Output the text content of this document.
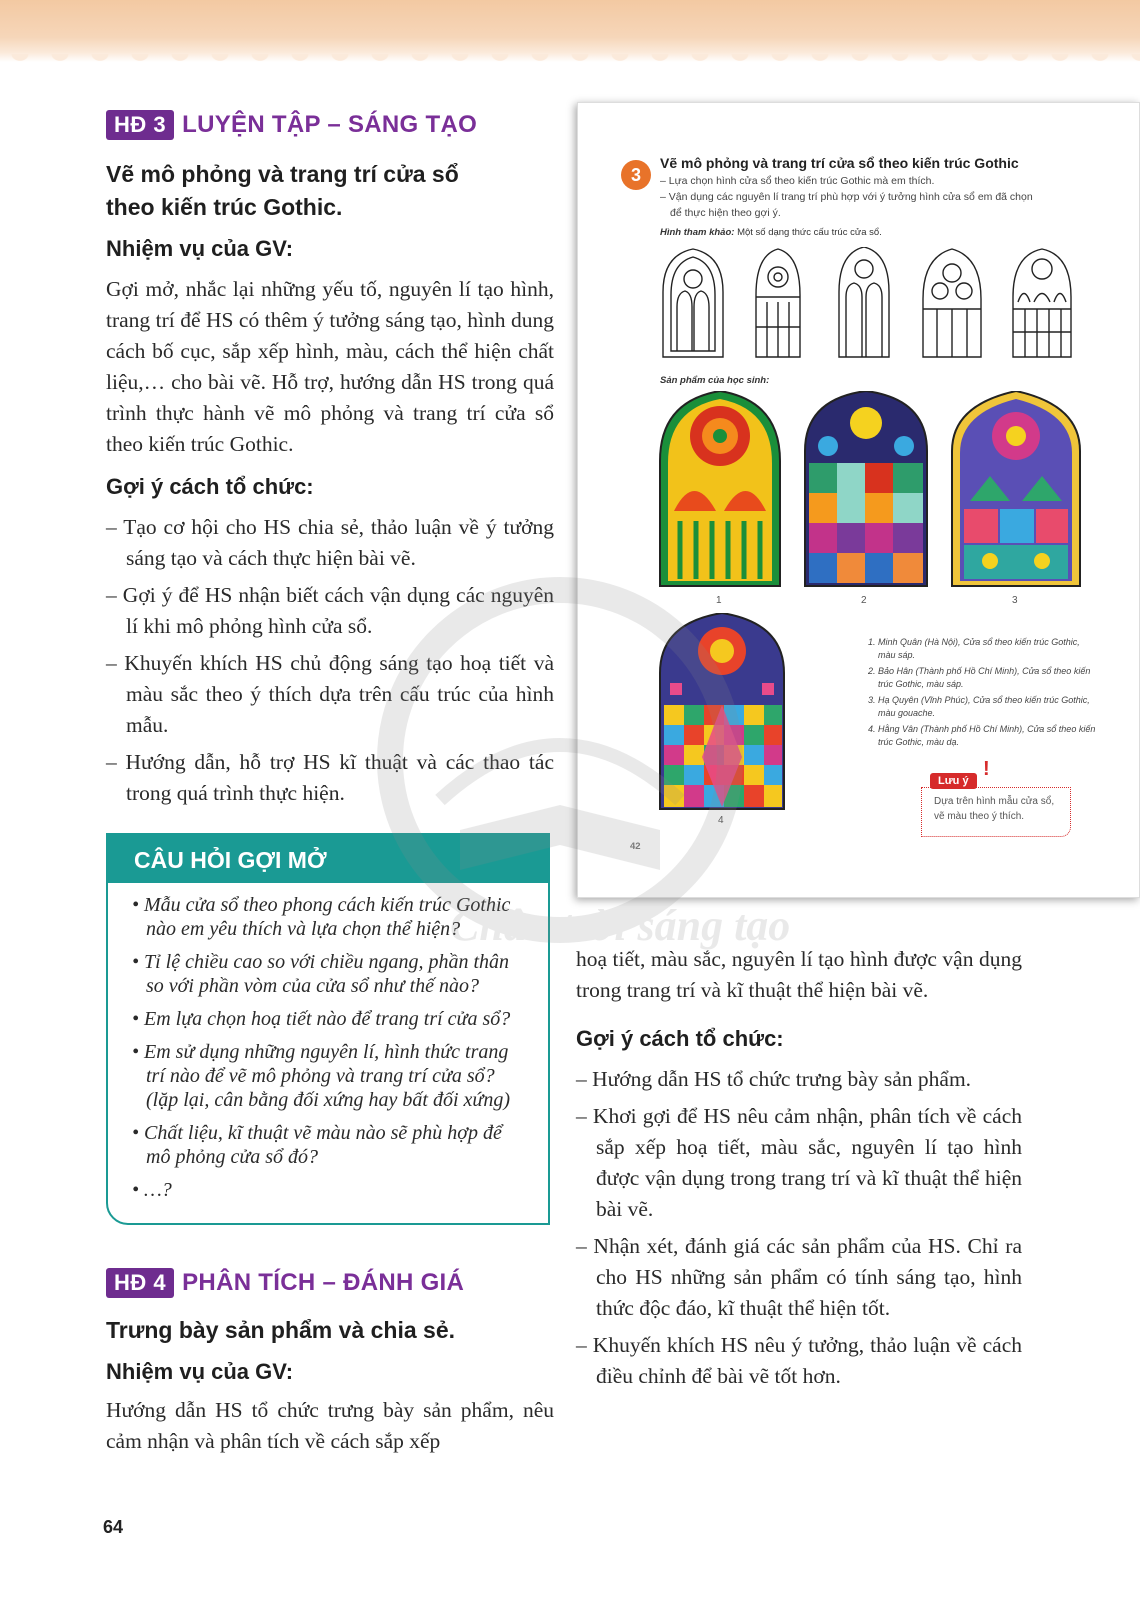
HĐ 3 LUYỆN TẬP – SÁNG TẠO
Vẽ mô phỏng và trang trí cửa sổ theo kiến trúc Gothic.
Nhiệm vụ của GV:
Gợi mở, nhắc lại những yếu tố, nguyên lí tạo hình, trang trí để HS có thêm ý tưởng sáng tạo, hình dung cách bố cục, sắp xếp hình, màu, cách thể hiện chất liệu,… cho bài vẽ. Hỗ trợ, hướng dẫn HS trong quá trình thực hành vẽ mô phỏng và trang trí cửa sổ theo kiến trúc Gothic.
Gợi ý cách tổ chức:
– Tạo cơ hội cho HS chia sẻ, thảo luận về ý tưởng sáng tạo và cách thực hiện bài vẽ.
– Gợi ý để HS nhận biết cách vận dụng các nguyên lí khi mô phỏng hình cửa sổ.
– Khuyến khích HS chủ động sáng tạo hoạ tiết và màu sắc theo ý thích dựa trên cấu trúc của hình mẫu.
– Hướng dẫn, hỗ trợ HS kĩ thuật và các thao tác trong quá trình thực hiện.
CÂU HỎI GỢI MỞ
• Mẫu cửa sổ theo phong cách kiến trúc Gothic nào em yêu thích và lựa chọn thể hiện?
• Tỉ lệ chiều cao so với chiều ngang, phần thân so với phần vòm của cửa sổ như thế nào?
• Em lựa chọn hoạ tiết nào để trang trí cửa sổ?
• Em sử dụng những nguyên lí, hình thức trang trí nào để vẽ mô phỏng và trang trí cửa sổ? (lặp lại, cân bằng đối xứng hay bất đối xứng)
• Chất liệu, kĩ thuật vẽ màu nào sẽ phù hợp để mô phỏng cửa sổ đó?
• …?
HĐ 4 PHÂN TÍCH – ĐÁNH GIÁ
Trưng bày sản phẩm và chia sẻ.
Nhiệm vụ của GV:
Hướng dẫn HS tổ chức trưng bày sản phẩm, nêu cảm nhận và phân tích về cách sắp xếp
3
Vẽ mô phỏng và trang trí cửa sổ theo kiến trúc Gothic
– Lựa chọn hình cửa sổ theo kiến trúc Gothic mà em thích.
– Vận dụng các nguyên lí trang trí phù hợp với ý tưởng hình cửa sổ em đã chọn
để thực hiện theo gợi ý.
Hình tham khảo: Một số dạng thức cấu trúc cửa sổ.
Sản phẩm của học sinh:
1	2	3
4

1. Minh Quân (Hà Nội), Cửa sổ theo kiến trúc Gothic, màu sáp.

2. Bảo Hân (Thành phố Hồ Chí Minh), Cửa sổ theo kiến trúc Gothic, màu sáp.

3. Hạ Quyên (Vĩnh Phúc), Cửa sổ theo kiến trúc Gothic, màu gouache.

4. Hằng Vân (Thành phố Hồ Chí Minh), Cửa sổ theo kiến trúc Gothic, màu dạ.

Dựa trên hình mẫu cửa sổ, vẽ màu theo ý thích.
Lưu ý
!
42
Chân trời sáng tạo
hoạ tiết, màu sắc, nguyên lí tạo hình được vận dụng trong trang trí và kĩ thuật thể hiện bài vẽ.
Gợi ý cách tổ chức:
– Hướng dẫn HS tổ chức trưng bày sản phẩm.
– Khơi gợi để HS nêu cảm nhận, phân tích về cách sắp xếp hoạ tiết, màu sắc, nguyên lí tạo hình được vận dụng trong trang trí và kĩ thuật thể hiện bài vẽ.
– Nhận xét, đánh giá các sản phẩm của HS. Chỉ ra cho HS những sản phẩm có tính sáng tạo, hình thức độc đáo, kĩ thuật thể hiện tốt.
– Khuyến khích HS nêu ý tưởng, thảo luận về cách điều chỉnh để bài vẽ tốt hơn.
64
